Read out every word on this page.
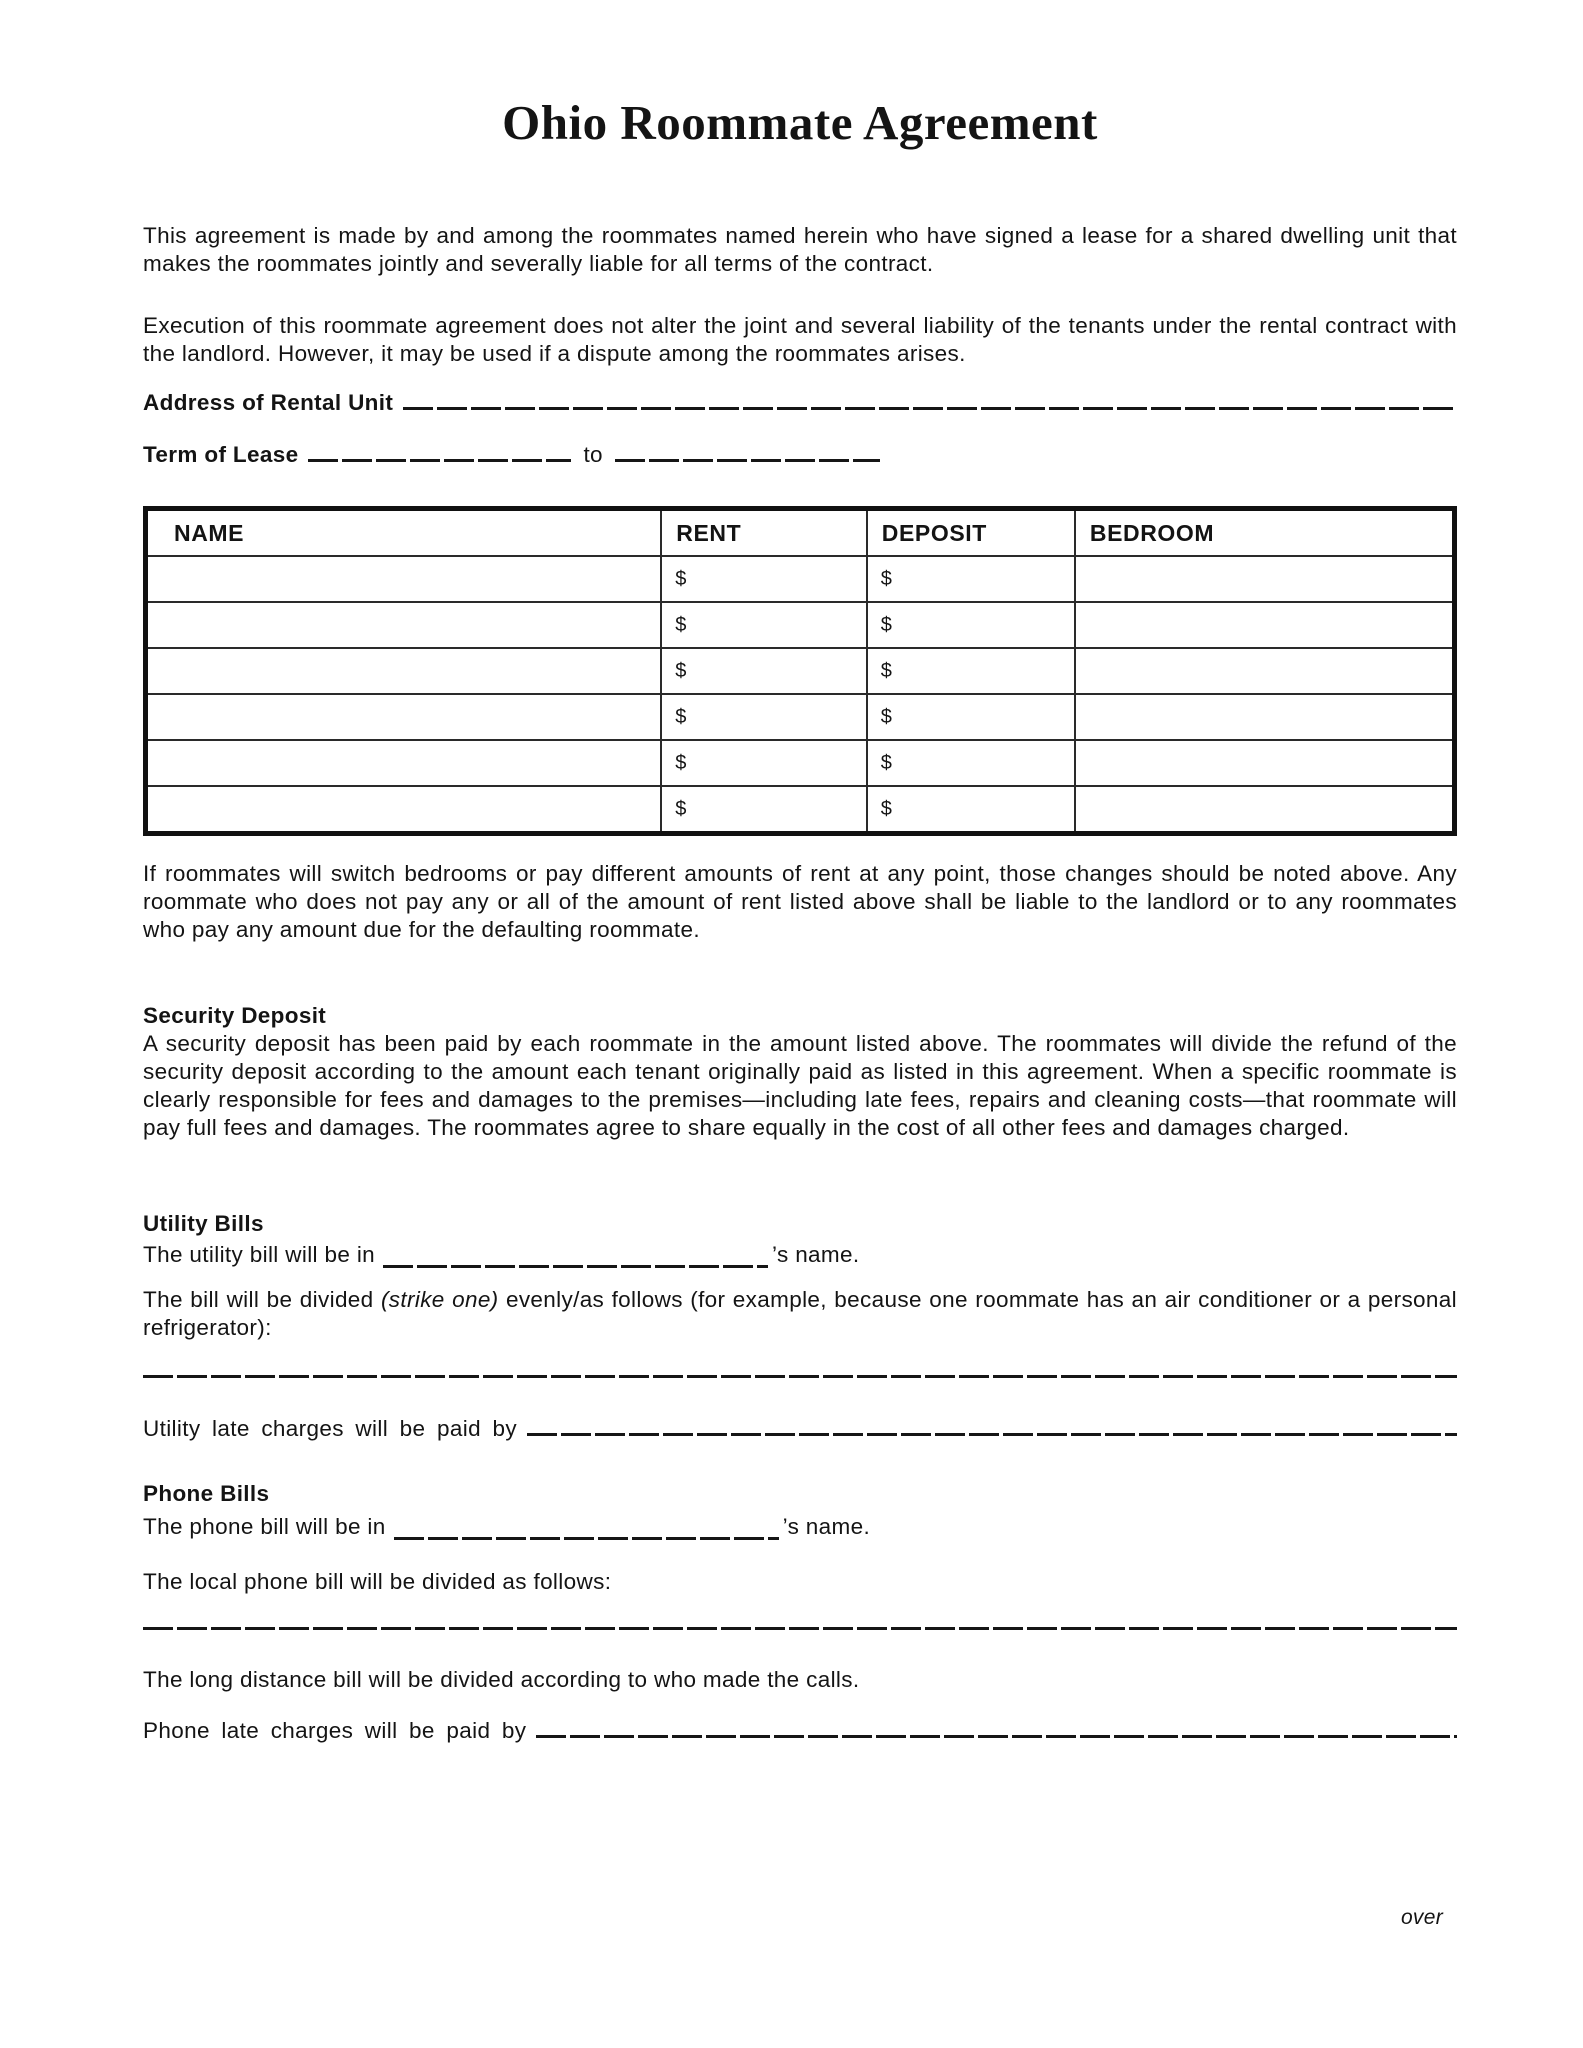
Ohio Roommate Agreement

This agreement is made by and among the roommates named herein who have signed a lease for a shared dwelling unit that makes the roommates jointly and severally liable for all terms of the contract.

Execution of this roommate agreement does not alter the joint and several liability of the tenants under the rental contract with the landlord. However, it may be used if a dispute among the roommates arises.

Address of Rental Unit
Term of Lease	to
NAME	RENT	DEPOSIT	BEDROOM
	$	$	
	$	$	
	$	$	
	$	$	
	$	$	
	$	$	

If roommates will switch bedrooms or pay different amounts of rent at any point, those changes should be noted above. Any roommate who does not pay any or all of the amount of rent listed above shall be liable to the landlord or to any roommates who pay any amount due for the defaulting roommate.

Security Deposit

A security deposit has been paid by each roommate in the amount listed above. The roommates will divide the refund of the security deposit according to the amount each tenant originally paid as listed in this agreement. When a specific roommate is clearly responsible for fees and damages to the premises—including late fees, repairs and cleaning costs—that roommate will pay full fees and damages. The roommates agree to share equally in the cost of all other fees and damages charged.

Utility Bills

The utility bill will be in	’s name.

The bill will be divided (strike one) evenly/as follows (for example, because one roommate has an air conditioner or a personal refrigerator):

Utility late charges will be paid by

Phone Bills

The phone bill will be in	’s name.

The local phone bill will be divided as follows:

The long distance bill will be divided according to who made the calls.

Phone late charges will be paid by
over
